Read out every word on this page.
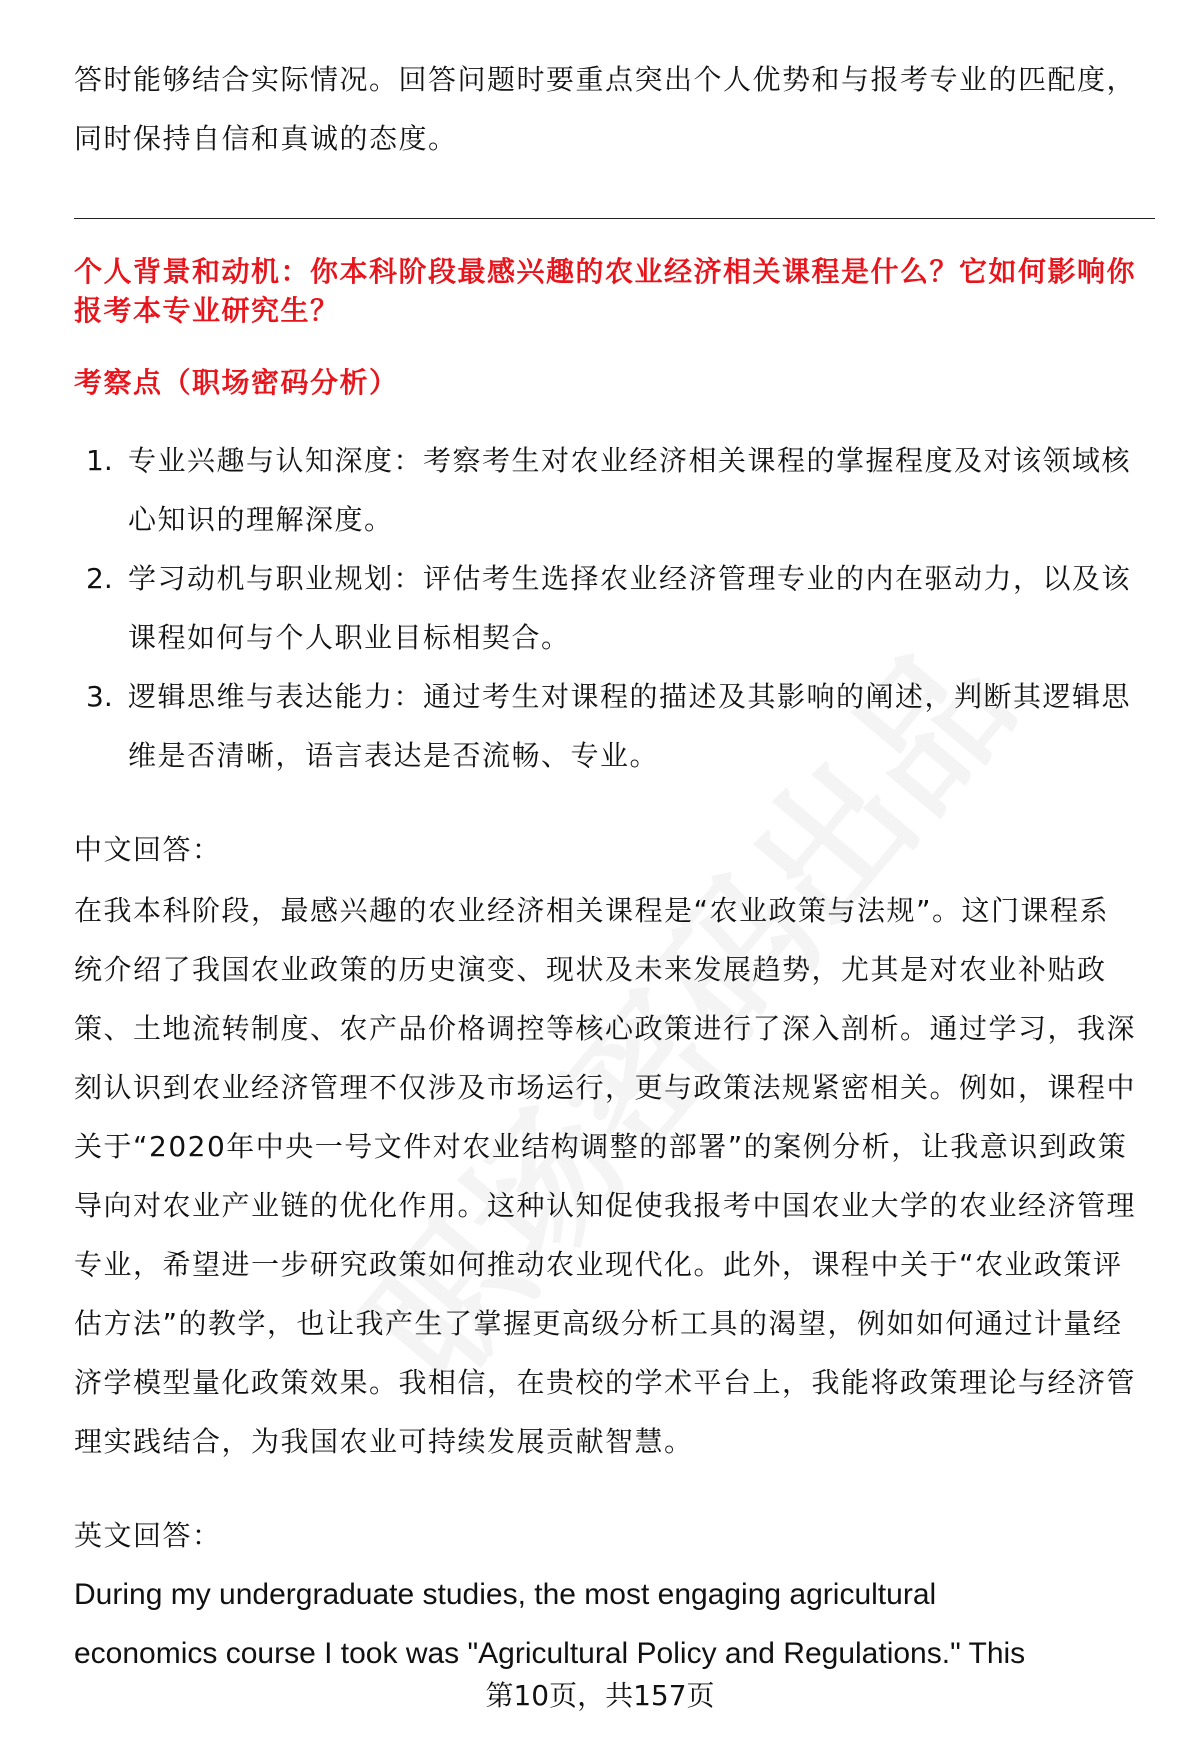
答时能够结合实际情况。回答问题时要重点突出个人优势和与报考专业的匹配度，
同时保持自信和真诚的态度。
个人背景和动机：你本科阶段最感兴趣的农业经济相关课程是什么？它如何影响你
报考本专业研究生？
考察点（职场密码分析）
1. 专业兴趣与认知深度：考察考生对农业经济相关课程的掌握程度及对该领域核
心知识的理解深度。
2. 学习动机与职业规划：评估考生选择农业经济管理专业的内在驱动力，以及该
课程如何与个人职业目标相契合。
3. 逻辑思维与表达能力：通过考生对课程的描述及其影响的阐述，判断其逻辑思
维是否清晰，语言表达是否流畅、专业。
中文回答：
在我本科阶段，最感兴趣的农业经济相关课程是“农业政策与法规”。这门课程系
统介绍了我国农业政策的历史演变、现状及未来发展趋势，尤其是对农业补贴政
策、土地流转制度、农产品价格调控等核心政策进行了深入剖析。通过学习，我深
刻认识到农业经济管理不仅涉及市场运行，更与政策法规紧密相关。例如，课程中
关于“2020年中央一号文件对农业结构调整的部署”的案例分析，让我意识到政策
导向对农业产业链的优化作用。这种认知促使我报考中国农业大学的农业经济管理
专业，希望进一步研究政策如何推动农业现代化。此外，课程中关于“农业政策评
估方法”的教学，也让我产生了掌握更高级分析工具的渴望，例如如何通过计量经
济学模型量化政策效果。我相信，在贵校的学术平台上，我能将政策理论与经济管
理实践结合，为我国农业可持续发展贡献智慧。
英文回答：
During my undergraduate studies, the most engaging agricultural
economics course I took was "Agricultural Policy and Regulations." This
第10页，共157页
